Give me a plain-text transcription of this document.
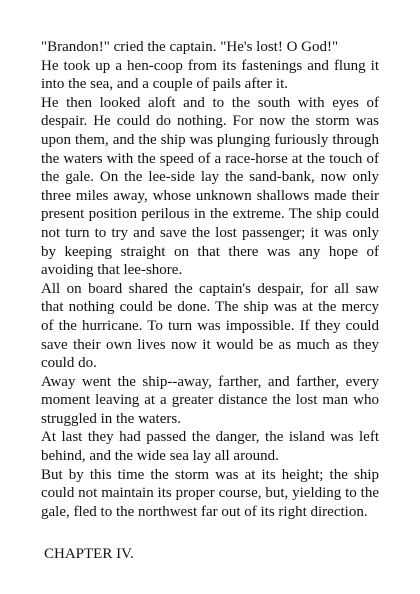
"Brandon!" cried the captain. "He's lost! O God!"

He took up a hen-coop from its fastenings and flung it into the sea, and a couple of pails after it.

He then looked aloft and to the south with eyes of despair. He could do nothing. For now the storm was upon them, and the ship was plunging furiously through the waters with the speed of a race-horse at the touch of the gale. On the lee-side lay the sand-bank, now only three miles away, whose unknown shallows made their present position perilous in the extreme. The ship could not turn to try and save the lost passenger; it was only by keeping straight on that there was any hope of avoiding that lee-shore.

All on board shared the captain's despair, for all saw that nothing could be done. The ship was at the mercy of the hurricane. To turn was impossible. If they could save their own lives now it would be as much as they could do.

Away went the ship--away, farther, and farther, every moment leaving at a greater distance the lost man who struggled in the waters.

At last they had passed the danger, the island was left behind, and the wide sea lay all around.

But by this time the storm was at its height; the ship could not maintain its proper course, but, yielding to the gale, fled to the northwest far out of its right direction.

CHAPTER IV.
